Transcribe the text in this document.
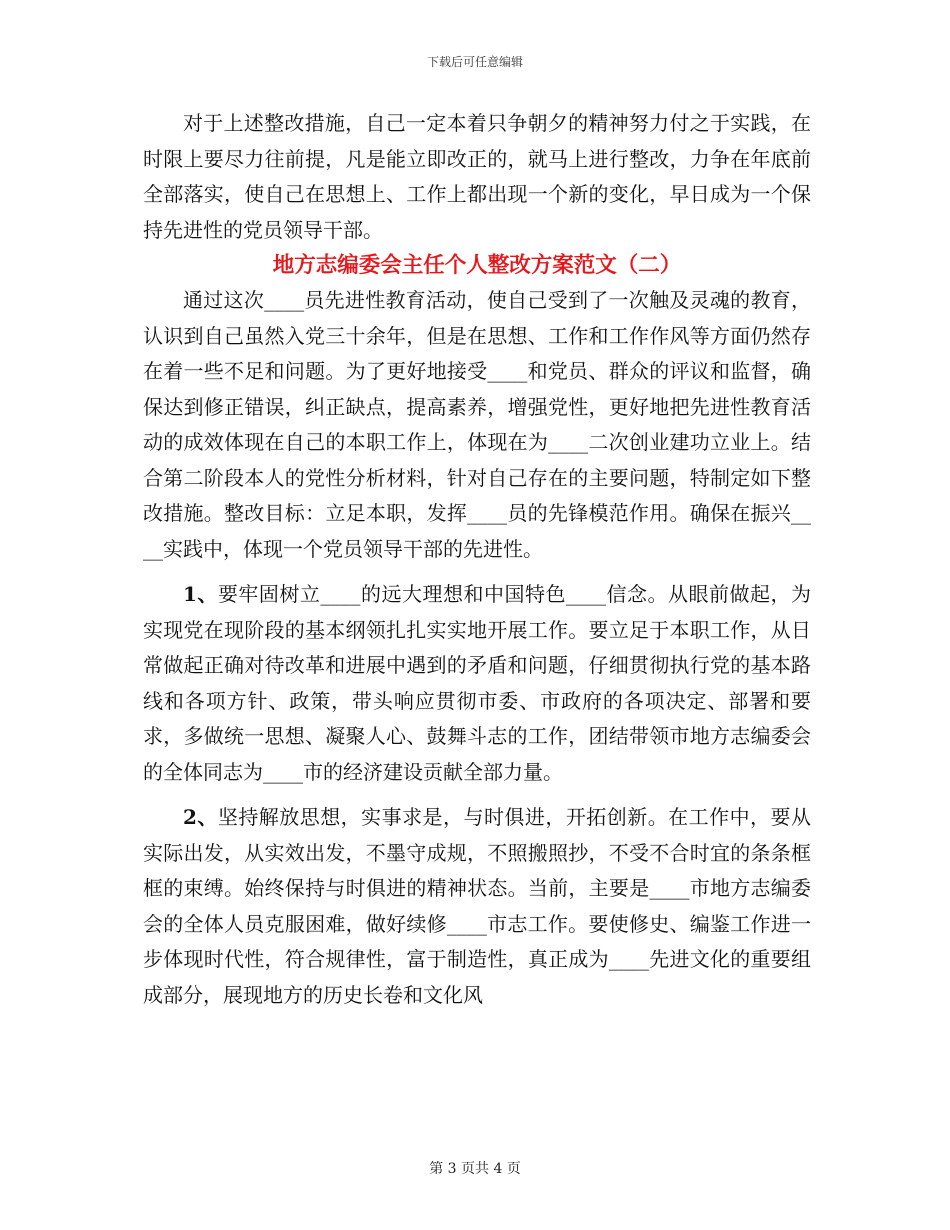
下载后可任意编辑

对于上述整改措施，自己一定本着只争朝夕的精神努力付之于实践，在时限上要尽力往前提，凡是能立即改正的，就马上进行整改，力争在年底前全部落实，使自己在思想上、工作上都出现一个新的变化，早日成为一个保持先进性的党员领导干部。

地方志编委会主任个人整改方案范文（二）

通过这次____员先进性教育活动，使自己受到了一次触及灵魂的教育，认识到自己虽然入党三十余年，但是在思想、工作和工作作风等方面仍然存在着一些不足和问题。为了更好地接受____和党员、群众的评议和监督，确保达到修正错误，纠正缺点，提高素养，增强党性，更好地把先进性教育活动的成效体现在自己的本职工作上，体现在为____二次创业建功立业上。结合第二阶段本人的党性分析材料，针对自己存在的主要问题，特制定如下整改措施。整改目标：立足本职，发挥____员的先锋模范作用。确保在振兴____实践中，体现一个党员领导干部的先进性。

1、要牢固树立____的远大理想和中国特色____信念。从眼前做起，为实现党在现阶段的基本纲领扎扎实实地开展工作。要立足于本职工作，从日常做起正确对待改革和进展中遇到的矛盾和问题，仔细贯彻执行党的基本路线和各项方针、政策，带头响应贯彻市委、市政府的各项决定、部署和要求，多做统一思想、凝聚人心、鼓舞斗志的工作，团结带领市地方志编委会的全体同志为____市的经济建设贡献全部力量。

2、坚持解放思想，实事求是，与时俱进，开拓创新。在工作中，要从实际出发，从实效出发，不墨守成规，不照搬照抄，不受不合时宜的条条框框的束缚。始终保持与时俱进的精神状态。当前，主要是____市地方志编委会的全体人员克服困难，做好续修____市志工作。要使修史、编鉴工作进一步体现时代性，符合规律性，富于制造性，真正成为____先进文化的重要组成部分，展现地方的历史长卷和文化风

第 3 页共 4 页
